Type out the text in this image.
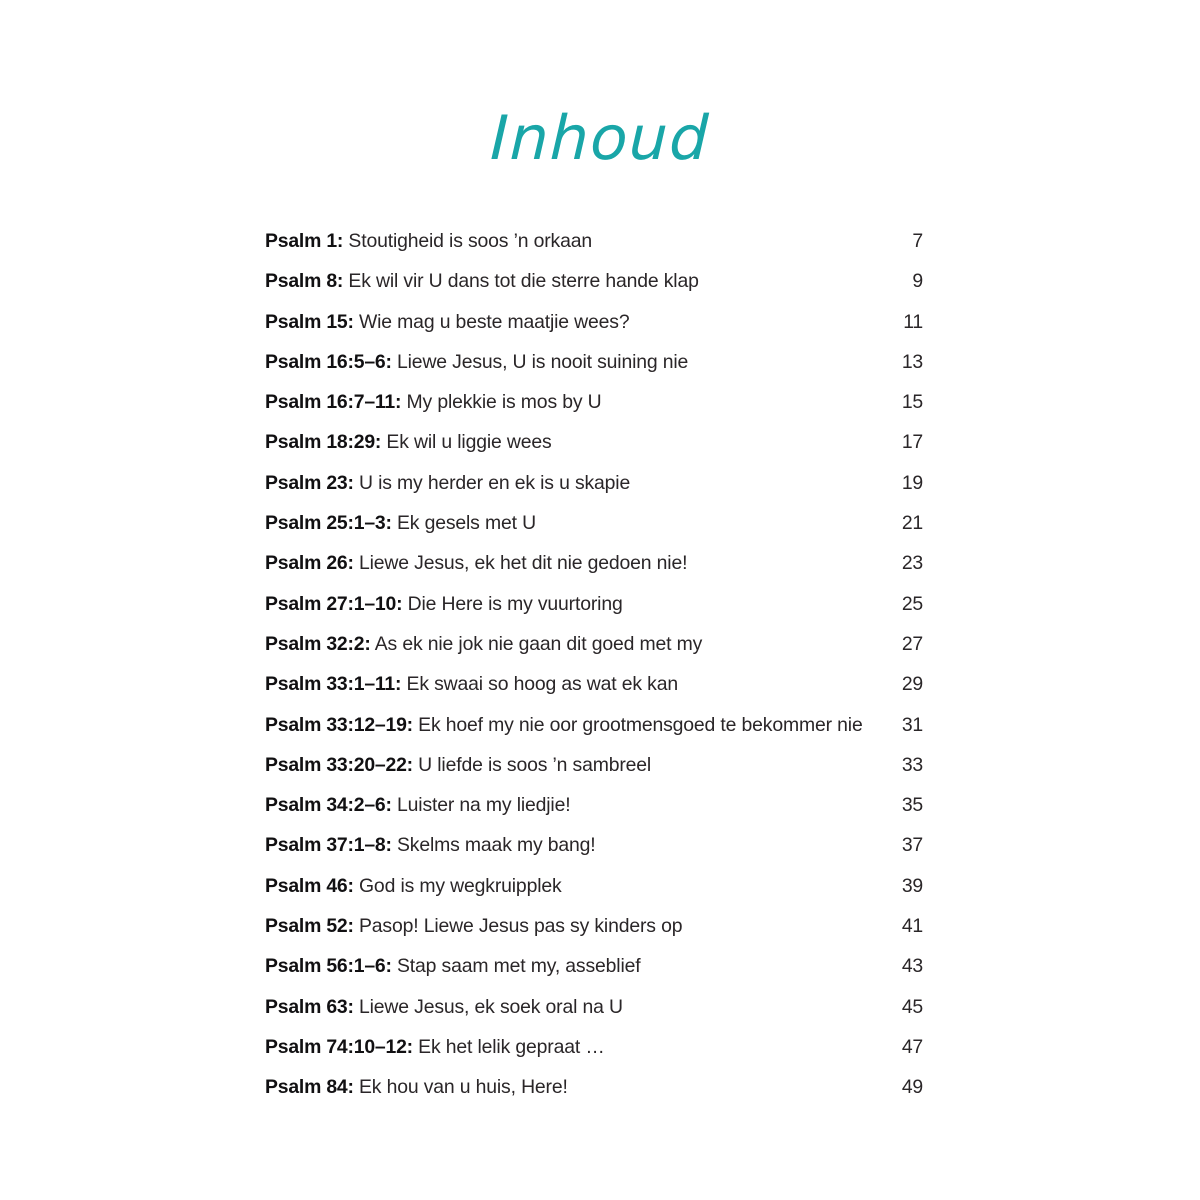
Inhoud
Psalm 1: Stoutigheid is soos ’n orkaan	7
Psalm 8: Ek wil vir U dans tot die sterre hande klap	9
Psalm 15: Wie mag u beste maatjie wees?	11
Psalm 16:5–6: Liewe Jesus, U is nooit suining nie	13
Psalm 16:7–11: My plekkie is mos by U	15
Psalm 18:29: Ek wil u liggie wees	17
Psalm 23: U is my herder en ek is u skapie	19
Psalm 25:1–3: Ek gesels met U	21
Psalm 26: Liewe Jesus, ek het dit nie gedoen nie!	23
Psalm 27:1–10: Die Here is my vuurtoring	25
Psalm 32:2: As ek nie jok nie gaan dit goed met my	27
Psalm 33:1–11: Ek swaai so hoog as wat ek kan	29
Psalm 33:12–19: Ek hoef my nie oor grootmensgoed te bekommer nie	31
Psalm 33:20–22: U liefde is soos ’n sambreel	33
Psalm 34:2–6: Luister na my liedjie!	35
Psalm 37:1–8: Skelms maak my bang!	37
Psalm 46: God is my wegkruipplek	39
Psalm 52: Pasop! Liewe Jesus pas sy kinders op	41
Psalm 56:1–6: Stap saam met my, asseblief	43
Psalm 63: Liewe Jesus, ek soek oral na U	45
Psalm 74:10–12: Ek het lelik gepraat …	47
Psalm 84: Ek hou van u huis, Here!	49
